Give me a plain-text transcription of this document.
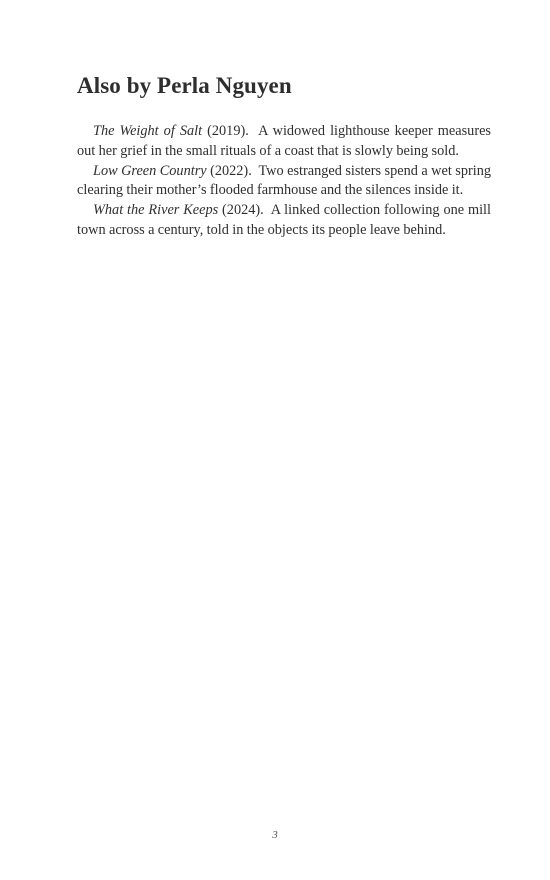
Also by Perla Nguyen

The Weight of Salt (2019). A widowed lighthouse keeper measures out her grief in the small rituals of a coast that is slowly being sold.

Low Green Country (2022). Two estranged sisters spend a wet spring clearing their mother’s flooded farmhouse and the silences inside it.

What the River Keeps (2024). A linked collection following one mill town across a century, told in the objects its people leave behind.

3
